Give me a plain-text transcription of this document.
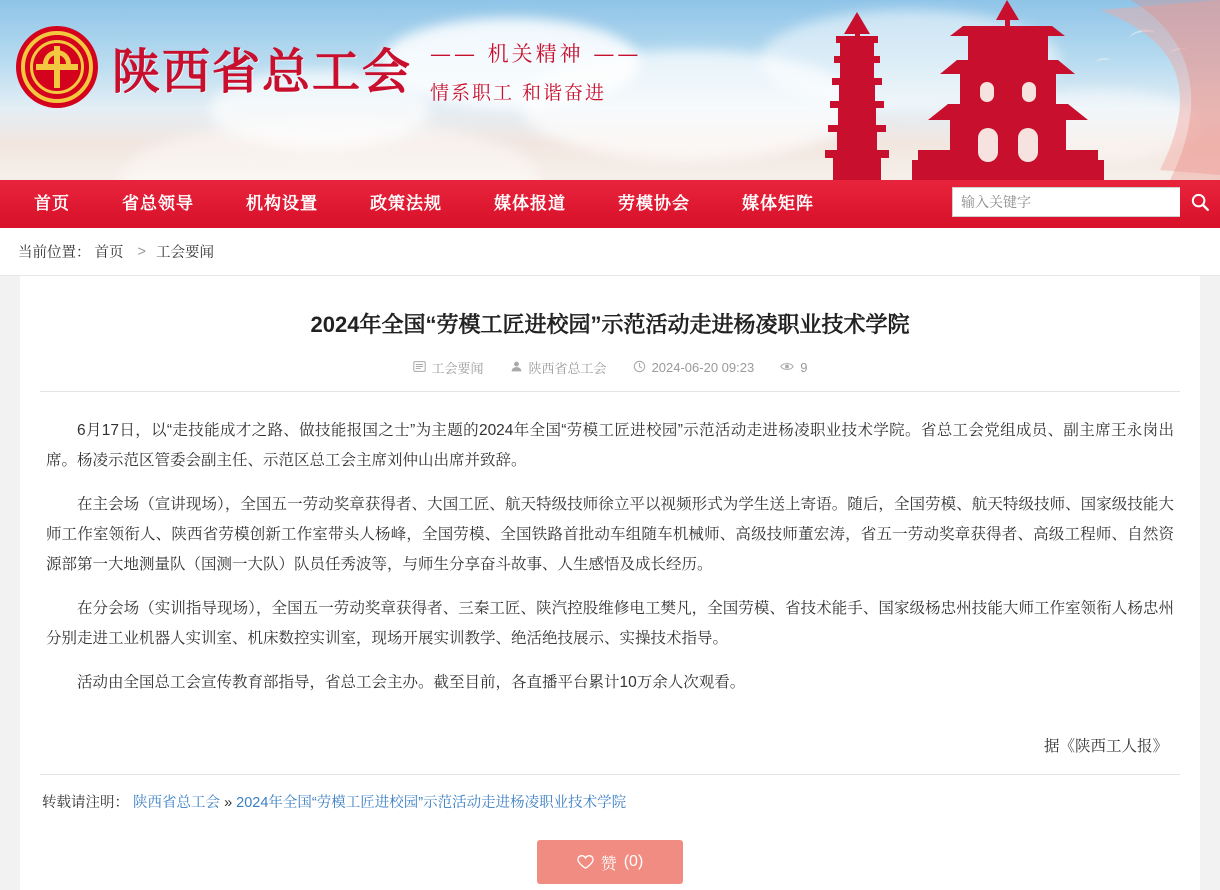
陕西省总工会 —— 机关精神 ——
情系职工 和谐奋进
首页	省总领导	机构设置	政策法规	媒体报道	劳模协会	媒体矩阵
输入关键字
当前位置： 首页 > 工会要闻
2024年全国“劳模工匠进校园”示范活动走进杨凌职业技术学院
工会要闻	陕西省总工会	2024-06-20 09:23	9

6月17日，以“走技能成才之路、做技能报国之士”为主题的2024年全国“劳模工匠进校园”示范活动走进杨凌职业技术学院。省总工会党组成员、副主席王永岗出席。杨凌示范区管委会副主任、示范区总工会主席刘仲山出席并致辞。

在主会场（宣讲现场），全国五一劳动奖章获得者、大国工匠、航天特级技师徐立平以视频形式为学生送上寄语。随后，全国劳模、航天特级技师、国家级技能大师工作室领衔人、陕西省劳模创新工作室带头人杨峰，全国劳模、全国铁路首批动车组随车机械师、高级技师董宏涛，省五一劳动奖章获得者、高级工程师、自然资源部第一大地测量队（国测一大队）队员任秀波等，与师生分享奋斗故事、人生感悟及成长经历。

在分会场（实训指导现场），全国五一劳动奖章获得者、三秦工匠、陕汽控股维修电工樊凡，全国劳模、省技术能手、国家级杨忠州技能大师工作室领衔人杨忠州分别走进工业机器人实训室、机床数控实训室，现场开展实训教学、绝活绝技展示、实操技术指导。

活动由全国总工会宣传教育部指导，省总工会主办。截至目前，各直播平台累计10万余人次观看。

据《陕西工人报》
转载请注明： 陕西省总工会 » 2024年全国“劳模工匠进校园”示范活动走进杨凌职业技术学院
赞 (0)
